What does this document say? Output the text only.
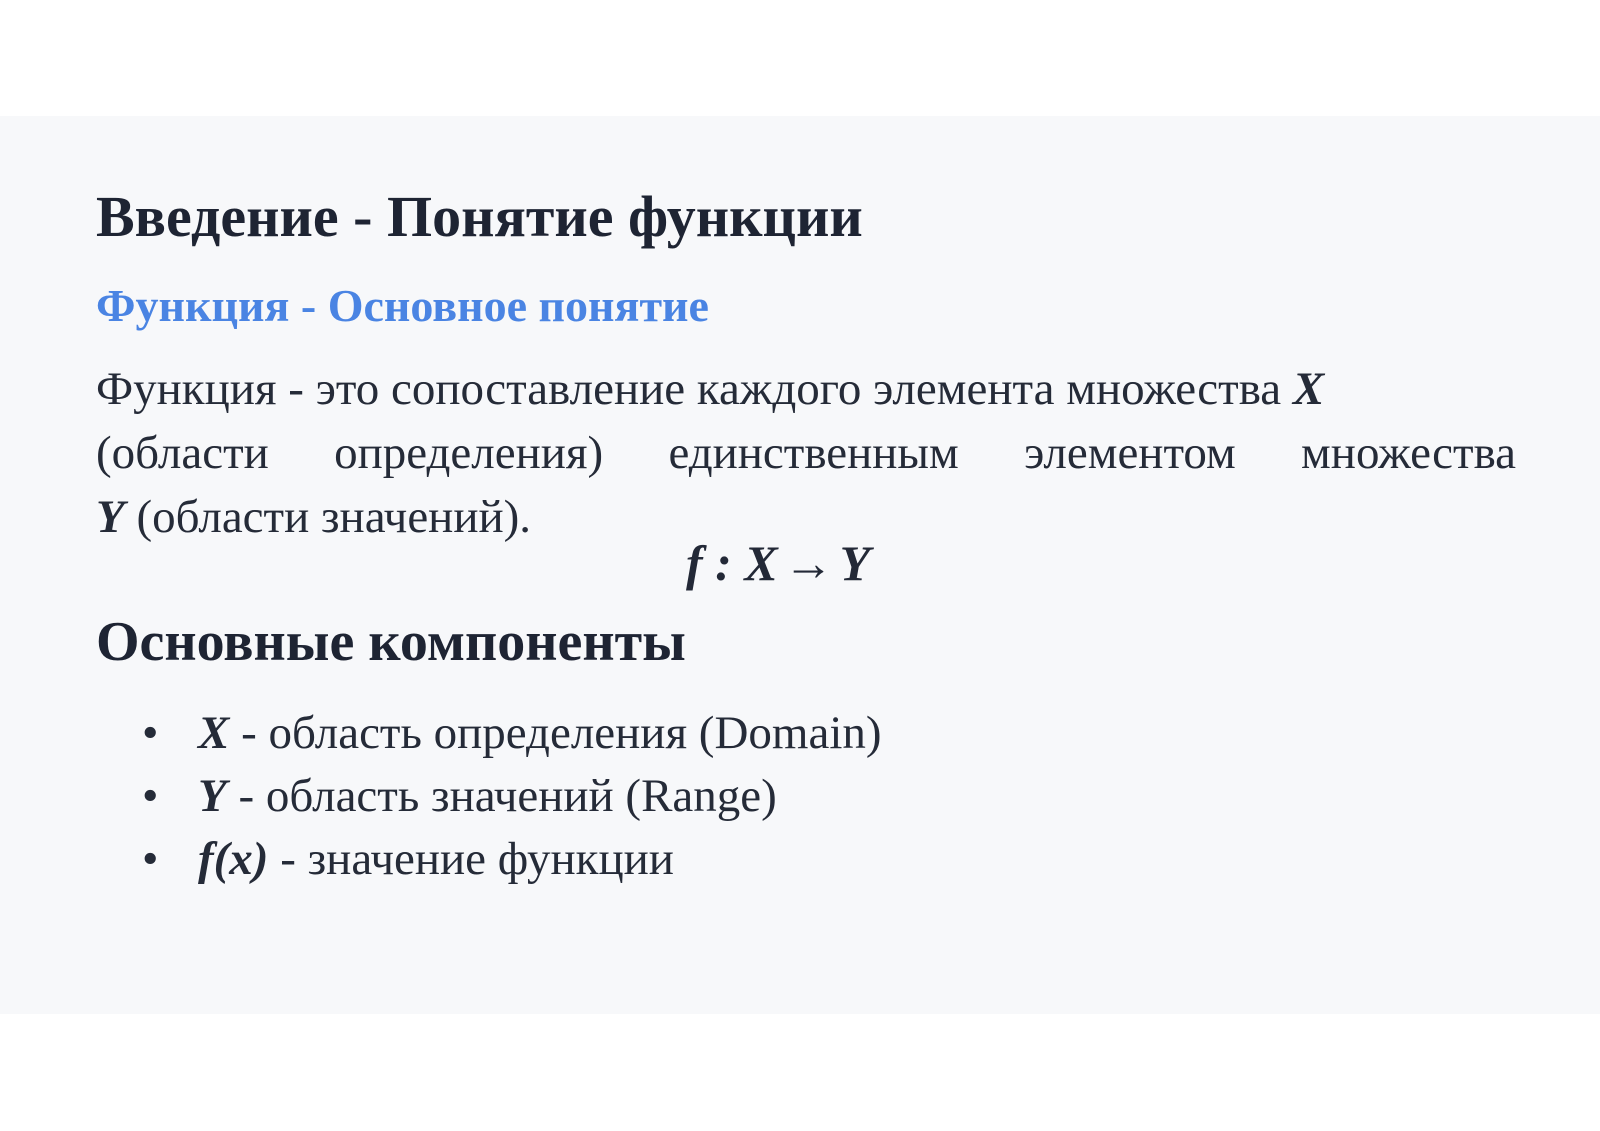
Введение - Понятие функции
Функция - Основное понятие

Функция - это сопоставление каждого элемента множества X
(области определения) единственным элементом множества
Y (области значений).

f : X → Y
Основные компоненты
• X - область определения (Domain)
• Y - область значений (Range)
• f(x) - значение функции
